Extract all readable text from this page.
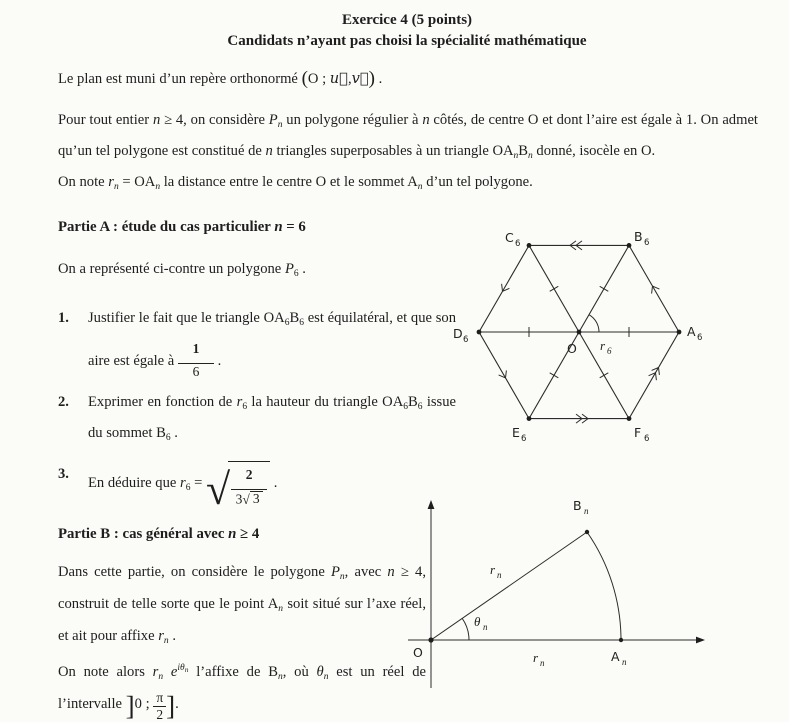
Exercice 4 (5 points)
Candidats n’ayant pas choisi la spécialité mathématique

Le plan est muni d’un repère orthonormé (O ; u⃗,v⃗) .

Pour tout entier n ≥ 4, on considère $P_n$ un polygone régulier à n côtés, de centre O et dont l’aire est égale à 1. On admet qu’un tel polygone est constitué de n triangles superposables à un triangle $OA_nB_n$ donné, isocèle en O.

On note $r_n = OA_n$ la distance entre le centre O et le sommet $A_n$ d’un tel polygone.

Partie A : étude du cas particulier n = 6

On a représenté ci-contre un polygone $P_6$ .

1.	Justifier le fait que le triangle $OA_6B_6$ est équilatéral, et que son aire est égale à $\frac{1}{6}$ .
2.	Exprimer en fonction de $r_6$ la hauteur du triangle $OA_6B_6$ issue du sommet $B_6$ .
3.
En déduire que $r_6$ = √ $\frac{2}{3 √ 3}$ .
Partie B : cas général avec n ≥ 4

Dans cette partie, on considère le polygone $P_n$, avec n ≥ 4, construit de telle sorte que le point $A_n$ soit situé sur l’axe réel, et ait pour affixe $r_n$ .

On note alors $r_n$ $e^{i\theta n}$ l’affixe de $B_n$, où $\theta_n$ est un réel de l’intervalle ]0 ; $\frac{\pi}{2}$ ].

C 6	B 6
A 6
D 6
E 6	F 6
O r 6
B n
r n
θ n
O	r n	A n
